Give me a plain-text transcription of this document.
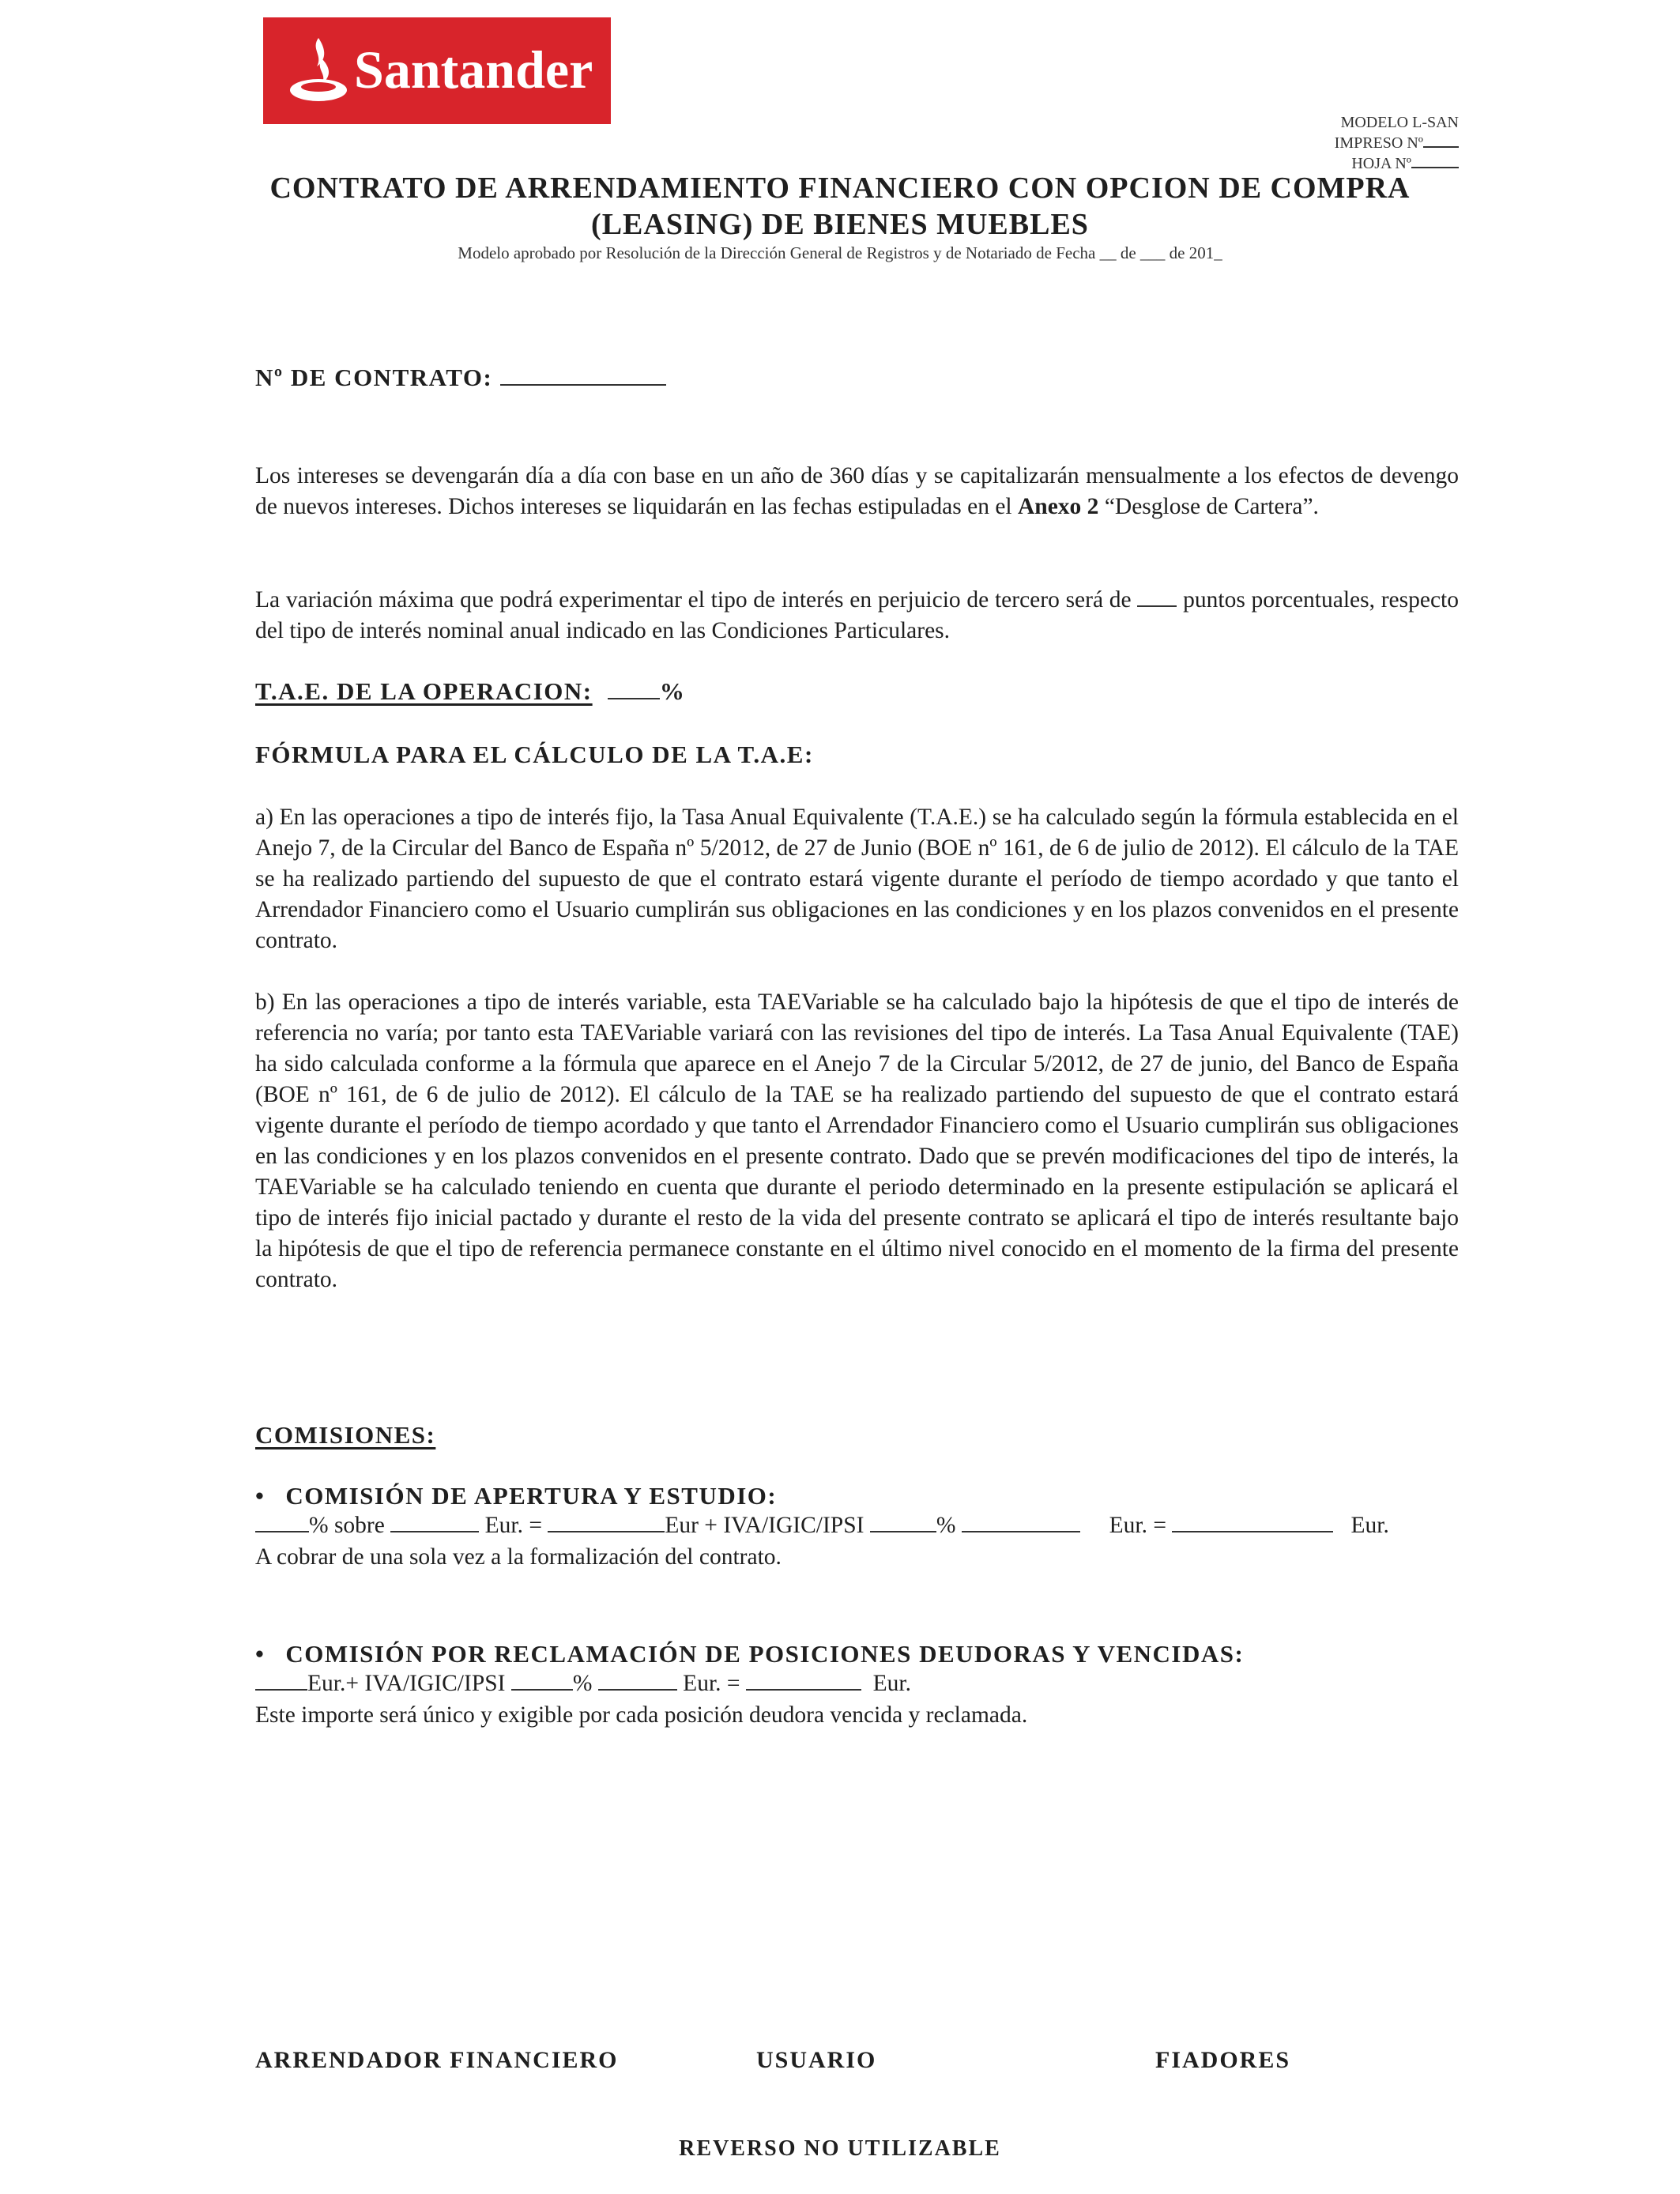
Santander
MODELO L-SAN
IMPRESO Nº
HOJA Nº
CONTRATO DE ARRENDAMIENTO FINANCIERO CON OPCION DE COMPRA
(LEASING) DE BIENES MUEBLES
Modelo aprobado por Resolución de la Dirección General de Registros y de Notariado de Fecha __ de ___ de 201_
Nº DE CONTRATO:
Los intereses se devengarán día a día con base en un año de 360 días y se capitalizarán mensualmente a los efectos de devengo de nuevos intereses. Dichos intereses se liquidarán en las fechas estipuladas en el Anexo 2 “Desglose de Cartera”.
La variación máxima que podrá experimentar el tipo de interés en perjuicio de tercero será de  puntos porcentuales, respecto del tipo de interés nominal anual indicado en las Condiciones Particulares.
T.A.E. DE LA OPERACION:	%
FÓRMULA PARA EL CÁLCULO DE LA T.A.E:
a) En las operaciones a tipo de interés fijo, la Tasa Anual Equivalente (T.A.E.) se ha calculado según la fórmula establecida en el Anejo 7, de la Circular del Banco de España nº 5/2012, de 27 de Junio (BOE nº 161, de 6 de julio de 2012). El cálculo de la TAE se ha realizado partiendo del supuesto de que el contrato estará vigente durante el período de tiempo acordado y que tanto el Arrendador Financiero como el Usuario cumplirán sus obligaciones en las condiciones y en los plazos convenidos en el presente contrato.
b) En las operaciones a tipo de interés variable, esta TAEVariable se ha calculado bajo la hipótesis de que el tipo de interés de referencia no varía; por tanto esta TAEVariable variará con las revisiones del tipo de interés. La Tasa Anual Equivalente (TAE) ha sido calculada conforme a la fórmula que aparece en el Anejo 7 de la Circular 5/2012, de 27 de junio, del Banco de España (BOE nº 161, de 6 de julio de 2012). El cálculo de la TAE se ha realizado partiendo del supuesto de que el contrato estará vigente durante el período de tiempo acordado y que tanto el Arrendador Financiero como el Usuario cumplirán sus obligaciones en las condiciones y en los plazos convenidos en el presente contrato. Dado que se prevén modificaciones del tipo de interés, la TAEVariable se ha calculado teniendo en cuenta que durante el periodo determinado en la presente estipulación se aplicará el tipo de interés fijo inicial pactado y durante el resto de la vida del presente contrato se aplicará el tipo de interés resultante bajo la hipótesis de que el tipo de referencia permanece constante en el último nivel conocido en el momento de la firma del presente contrato.
COMISIONES:
• COMISIÓN DE APERTURA Y ESTUDIO:
% sobre	Eur. =	Eur + IVA/IGIC/IPSI	%	Eur. =	Eur.
A cobrar de una sola vez a la formalización del contrato.
• COMISIÓN POR RECLAMACIÓN DE POSICIONES DEUDORAS Y VENCIDAS:
Eur.+ IVA/IGIC/IPSI	%	Eur. =	Eur.
Este importe será único y exigible por cada posición deudora vencida y reclamada.
ARRENDADOR FINANCIERO	USUARIO	FIADORES
REVERSO NO UTILIZABLE
